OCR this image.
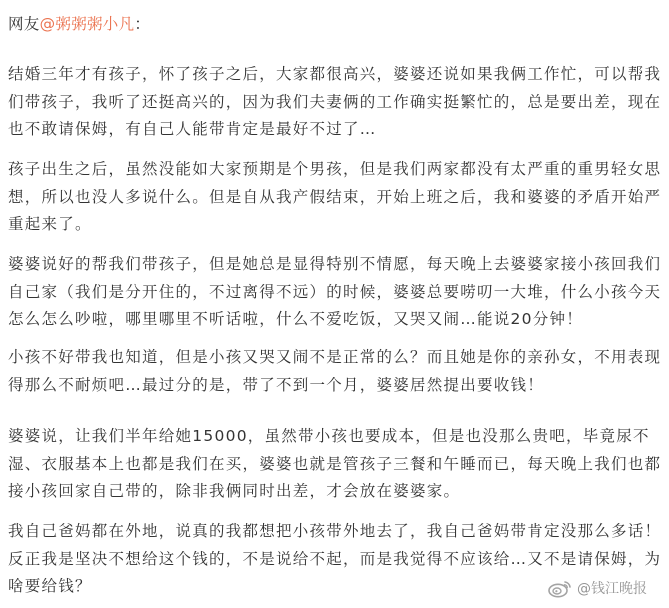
网友@粥粥粥小凡：
结婚三年才有孩子，怀了孩子之后，大家都很高兴，婆婆还说如果我俩工作忙，可以帮我们带孩子，我听了还挺高兴的，因为我们夫妻俩的工作确实挺繁忙的，总是要出差，现在也不敢请保姆，有自己人能带肯定是最好不过了…
孩子出生之后，虽然没能如大家预期是个男孩，但是我们两家都没有太严重的重男轻女思想，所以也没人多说什么。但是自从我产假结束，开始上班之后，我和婆婆的矛盾开始严重起来了。
婆婆说好的帮我们带孩子，但是她总是显得特别不情愿，每天晚上去婆婆家接小孩回我们自己家（我们是分开住的，不过离得不远）的时候，婆婆总要唠叨一大堆，什么小孩今天怎么怎么吵啦，哪里哪里不听话啦，什么不爱吃饭，又哭又闹…能说20分钟！
小孩不好带我也知道，但是小孩又哭又闹不是正常的么？而且她是你的亲孙女，不用表现得那么不耐烦吧…最过分的是，带了不到一个月，婆婆居然提出要收钱！
婆婆说，让我们半年给她15000，虽然带小孩也要成本，但是也没那么贵吧，毕竟尿不湿、衣服基本上也都是我们在买，婆婆也就是管孩子三餐和午睡而已，每天晚上我们也都接小孩回家自己带的，除非我俩同时出差，才会放在婆婆家。
我自己爸妈都在外地，说真的我都想把小孩带外地去了，我自己爸妈带肯定没那么多话！反正我是坚决不想给这个钱的，不是说给不起，而是我觉得不应该给…又不是请保姆，为啥要给钱？	@钱江晚报
